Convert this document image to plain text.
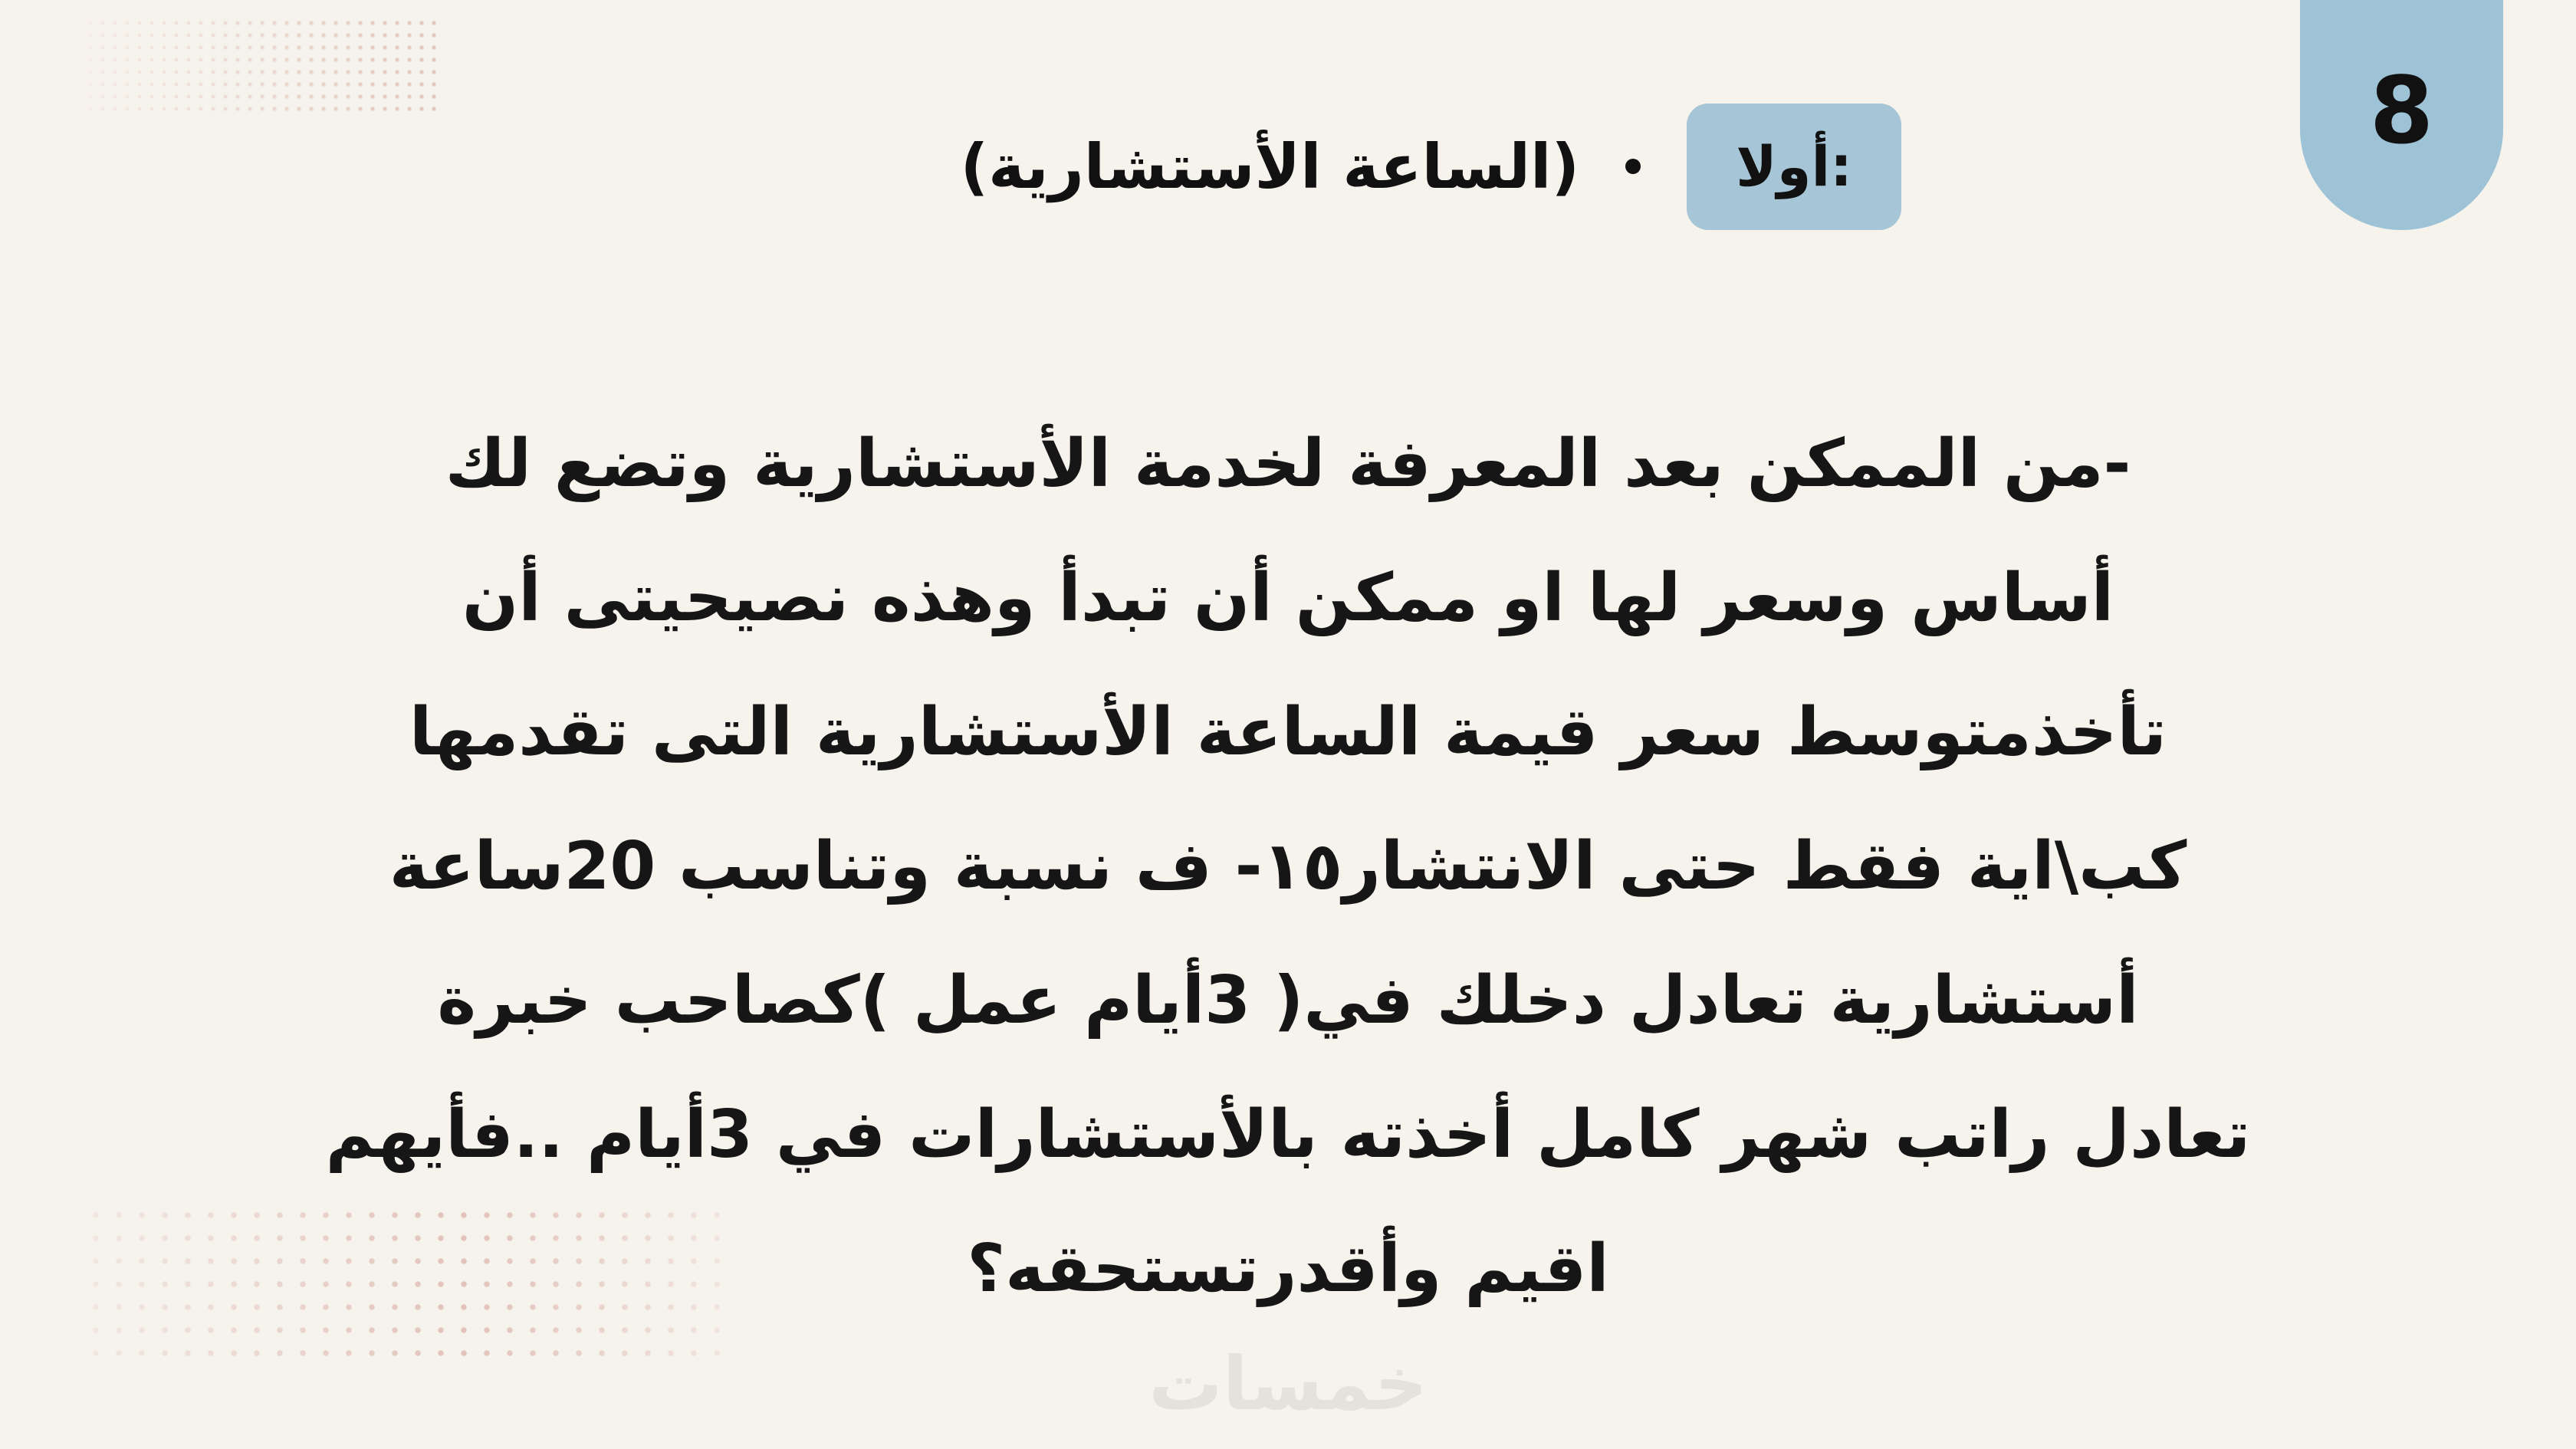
8
أولا:
(الساعة الأستشارية)
-من الممكن بعد المعرفة لخدمة الأستشارية وتضع لك
أساس وسعر لها او ممكن أن تبدأ وهذه نصيحيتى أن
تأخذمتوسط سعر قيمة الساعة الأستشارية التى تقدمها
كب\اية فقط حتى الانتشار١٥- ف نسبة وتناسب 20ساعة
أستشارية تعادل دخلك في( 3أيام عمل )كصاحب خبرة
تعادل راتب شهر كامل أخذته بالأستشارات في 3أيام ..فأيهم
اقيم وأقدرتستحقه؟
خمسات
